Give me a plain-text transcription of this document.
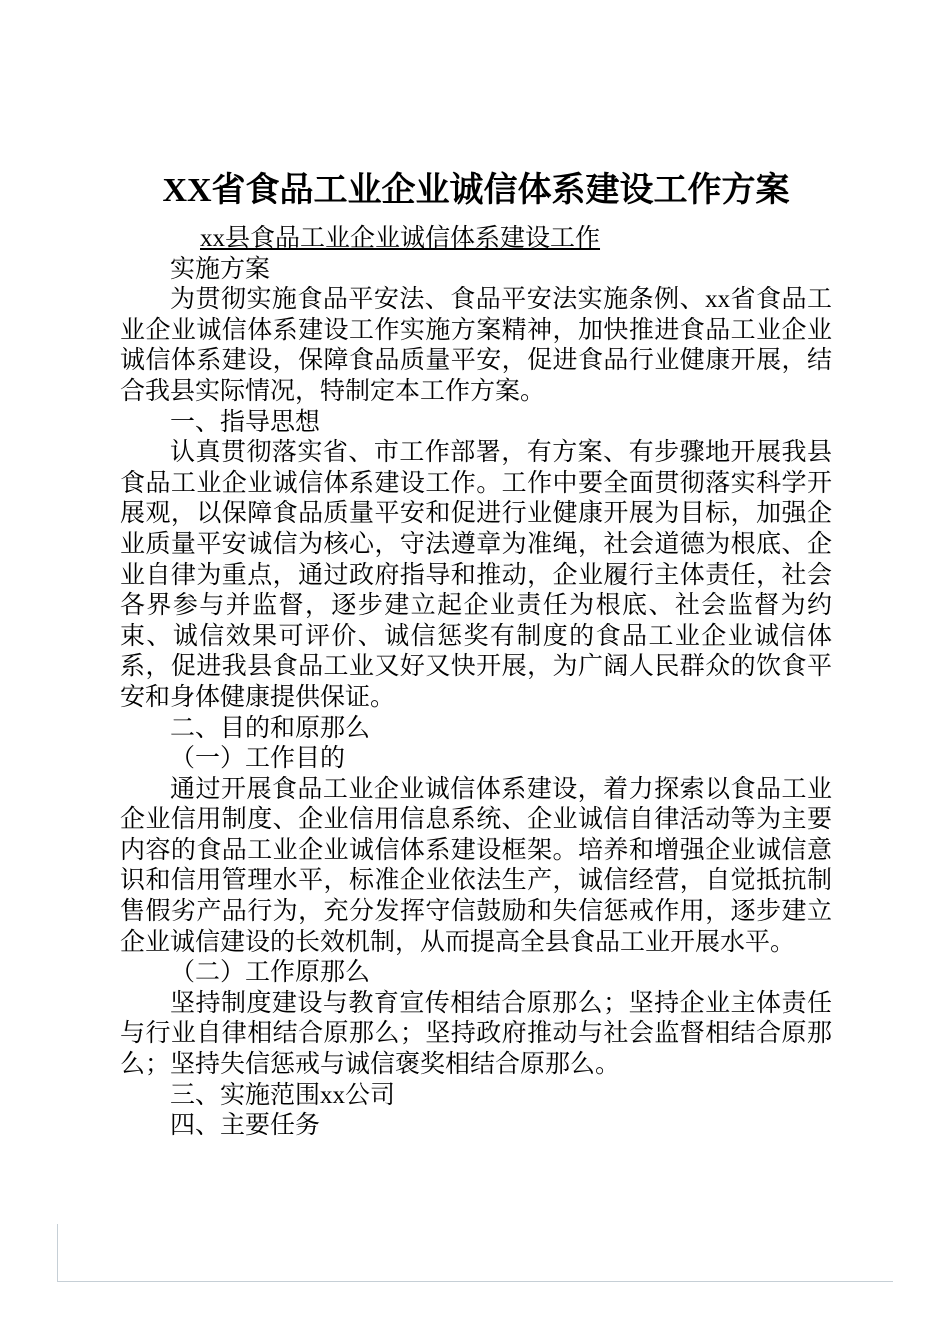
XX省食品工业企业诚信体系建设工作方案

xx县食品工业企业诚信体系建设工作

实施方案

为贯彻实施食品平安法、食品平安法实施条例、xx省食品工业企业诚信体系建设工作实施方案精神，加快推进食品工业企业诚信体系建设，保障食品质量平安，促进食品行业健康开展，结合我县实际情况，特制定本工作方案。

一、指导思想

认真贯彻落实省、市工作部署，有方案、有步骤地开展我县食品工业企业诚信体系建设工作。工作中要全面贯彻落实科学开展观，以保障食品质量平安和促进行业健康开展为目标，加强企业质量平安诚信为核心，守法遵章为准绳，社会道德为根底、企业自律为重点，通过政府指导和推动，企业履行主体责任，社会各界参与并监督，逐步建立起企业责任为根底、社会监督为约束、诚信效果可评价、诚信惩奖有制度的食品工业企业诚信体系，促进我县食品工业又好又快开展，为广阔人民群众的饮食平安和身体健康提供保证。

二、目的和原那么

（一）工作目的

通过开展食品工业企业诚信体系建设，着力探索以食品工业企业信用制度、企业信用信息系统、企业诚信自律活动等为主要内容的食品工业企业诚信体系建设框架。培养和增强企业诚信意识和信用管理水平，标准企业依法生产，诚信经营，自觉抵抗制售假劣产品行为，充分发挥守信鼓励和失信惩戒作用，逐步建立企业诚信建设的长效机制，从而提高全县食品工业开展水平。

（二）工作原那么

坚持制度建设与教育宣传相结合原那么；坚持企业主体责任与行业自律相结合原那么；坚持政府推动与社会监督相结合原那么；坚持失信惩戒与诚信褒奖相结合原那么。

三、实施范围xx公司

四、主要任务
